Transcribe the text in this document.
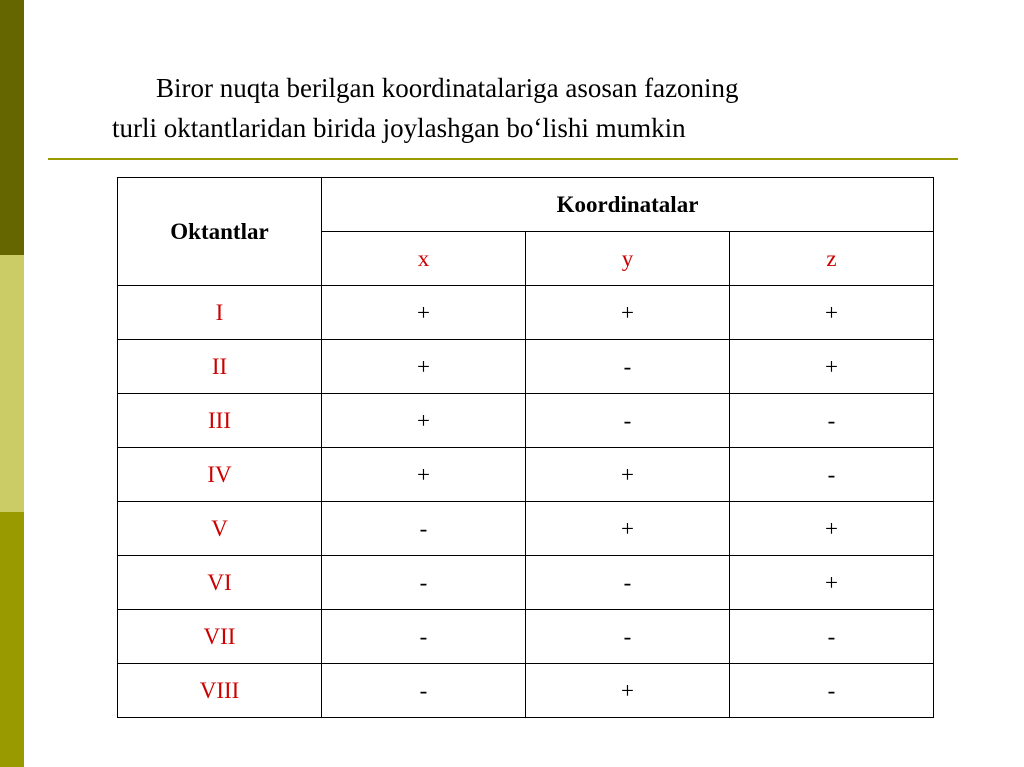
Biror nuqta berilgan koordinatalariga asosan fazoning
turli oktantlaridan birida joylashgan bo‘lishi mumkin

Oktantlar	Koordinatalar		
	x	y	z
I	+	+	+
II	+	-	+
III	+	-	-
IV	+	+	-
V	-	+	+
VI	-	-	+
VII	-	-	-
VIII	-	+	-
